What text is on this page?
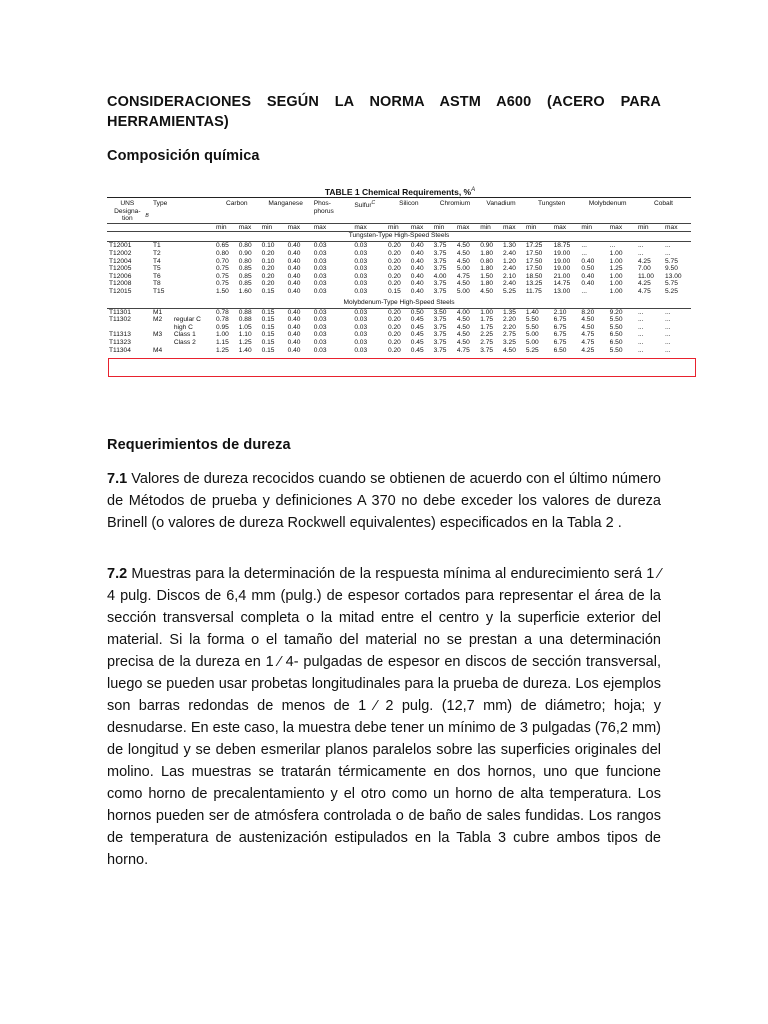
CONSIDERACIONES SEGÚN LA NORMA ASTM A600 (ACERO PARA
HERRAMIENTAS)
Composición química
TABLE 1 Chemical Requirements, %$^A$
UNS Designa- tion $^B$	Type		Carbon		Manganese		Phos- phorus	Sulfur$^C$	Silicon		Chromium		Vanadium		Tungsten		Molybdenum		Cobalt	
			min	max	min	max	max	max	min	max	min	max	min	max	min	max	min	max	min	max
Tungsten-Type High-Speed Steels																				
T12001	T1		0.65	0.80	0.10	0.40	0.03	0.03	0.20	0.40	3.75	4.50	0.90	1.30	17.25	18.75	...	...	...	...
T12002	T2		0.80	0.90	0.20	0.40	0.03	0.03	0.20	0.40	3.75	4.50	1.80	2.40	17.50	19.00	...	1.00	...	...
T12004	T4		0.70	0.80	0.10	0.40	0.03	0.03	0.20	0.40	3.75	4.50	0.80	1.20	17.50	19.00	0.40	1.00	4.25	5.75
T12005	T5		0.75	0.85	0.20	0.40	0.03	0.03	0.20	0.40	3.75	5.00	1.80	2.40	17.50	19.00	0.50	1.25	7.00	9.50
T12006	T6		0.75	0.85	0.20	0.40	0.03	0.03	0.20	0.40	4.00	4.75	1.50	2.10	18.50	21.00	0.40	1.00	11.00	13.00
T12008	T8		0.75	0.85	0.20	0.40	0.03	0.03	0.20	0.40	3.75	4.50	1.80	2.40	13.25	14.75	0.40	1.00	4.25	5.75
T12015	T15		1.50	1.60	0.15	0.40	0.03	0.03	0.15	0.40	3.75	5.00	4.50	5.25	11.75	13.00	...	1.00	4.75	5.25

Molybdenum-Type High-Speed Steels																				
T11301	M1		0.78	0.88	0.15	0.40	0.03	0.03	0.20	0.50	3.50	4.00	1.00	1.35	1.40	2.10	8.20	9.20	...	...
T11302	M2	regular C	0.78	0.88	0.15	0.40	0.03	0.03	0.20	0.45	3.75	4.50	1.75	2.20	5.50	6.75	4.50	5.50	...	...
		high C	0.95	1.05	0.15	0.40	0.03	0.03	0.20	0.45	3.75	4.50	1.75	2.20	5.50	6.75	4.50	5.50	...	...
T11313	M3	Class 1	1.00	1.10	0.15	0.40	0.03	0.03	0.20	0.45	3.75	4.50	2.25	2.75	5.00	6.75	4.75	6.50	...	...
T11323		Class 2	1.15	1.25	0.15	0.40	0.03	0.03	0.20	0.45	3.75	4.50	2.75	3.25	5.00	6.75	4.75	6.50	...	...
T11304	M4		1.25	1.40	0.15	0.40	0.03	0.03	0.20	0.45	3.75	4.75	3.75	4.50	5.25	6.50	4.25	5.50	...	...
Requerimientos de dureza
7.1 Valores de dureza recocidos cuando se obtienen de acuerdo con el último número de Métodos de prueba y definiciones A 370 no debe exceder los valores de dureza Brinell (o valores de dureza Rockwell equivalentes) especificados en la Tabla 2 .
7.2 Muestras para la determinación de la respuesta mínima al endurecimiento será 1 ⁄ 4 pulg. Discos de 6,4 mm (pulg.) de espesor cortados para representar el área de la sección transversal completa o la mitad entre el centro y la superficie exterior del material. Si la forma o el tamaño del material no se prestan a una determinación precisa de la dureza en 1 ⁄ 4- pulgadas de espesor en discos de sección transversal, luego se pueden usar probetas longitudinales para la prueba de dureza. Los ejemplos son barras redondas de menos de 1 ⁄ 2 pulg. (12,7 mm) de diámetro; hoja; y desnudarse. En este caso, la muestra debe tener un mínimo de 3 pulgadas (76,2 mm) de longitud y se deben esmerilar planos paralelos sobre las superficies originales del molino. Las muestras se tratarán térmicamente en dos hornos, uno que funcione como horno de precalentamiento y el otro como un horno de alta temperatura. Los hornos pueden ser de atmósfera controlada o de baño de sales fundidas. Los rangos de temperatura de austenización estipulados en la Tabla 3 cubre ambos tipos de horno.
